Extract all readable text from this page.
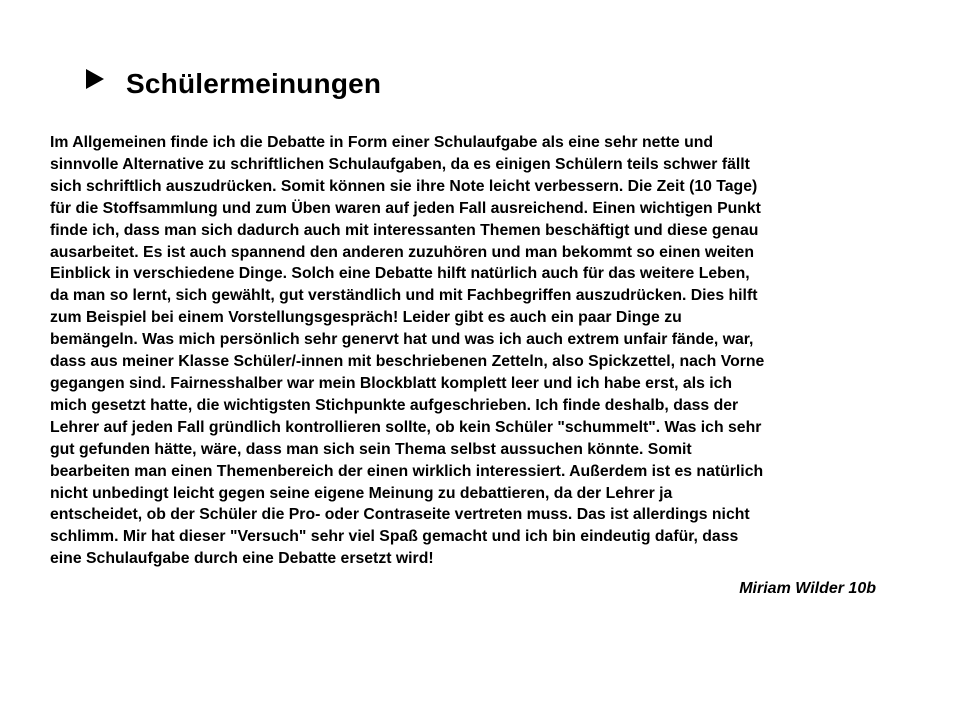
Schülermeinungen

Im Allgemeinen finde ich die Debatte in Form einer Schulaufgabe als eine sehr nette und
sinnvolle Alternative zu schriftlichen Schulaufgaben, da es einigen Schülern teils schwer fällt
sich schriftlich auszudrücken. Somit können sie ihre Note leicht verbessern. Die Zeit (10 Tage)
für die Stoffsammlung und zum Üben waren auf jeden Fall ausreichend. Einen wichtigen Punkt
finde ich, dass man sich dadurch auch mit interessanten Themen beschäftigt und diese genau
ausarbeitet. Es ist auch spannend den anderen zuzuhören und man bekommt so einen weiten
Einblick in verschiedene Dinge. Solch eine Debatte hilft natürlich auch für das weitere Leben,
da man so lernt, sich gewählt, gut verständlich und mit Fachbegriffen auszudrücken. Dies hilft
zum Beispiel bei einem Vorstellungsgespräch! Leider gibt es auch ein paar Dinge zu
bemängeln. Was mich persönlich sehr genervt hat und was ich auch extrem unfair fände, war,
dass aus meiner Klasse Schüler/-innen mit beschriebenen Zetteln, also Spickzettel, nach Vorne
gegangen sind. Fairnesshalber war mein Blockblatt komplett leer und ich habe erst, als ich
mich gesetzt hatte, die wichtigsten Stichpunkte aufgeschrieben. Ich finde deshalb, dass der
Lehrer auf jeden Fall gründlich kontrollieren sollte, ob kein Schüler "schummelt". Was ich sehr
gut gefunden hätte, wäre, dass man sich sein Thema selbst aussuchen könnte. Somit
bearbeiten man einen Themenbereich der einen wirklich interessiert. Außerdem ist es natürlich
nicht unbedingt leicht gegen seine eigene Meinung zu debattieren, da der Lehrer ja
entscheidet, ob der Schüler die Pro- oder Contraseite vertreten muss. Das ist allerdings nicht
schlimm. Mir hat dieser "Versuch" sehr viel Spaß gemacht und ich bin eindeutig dafür, dass
eine Schulaufgabe durch eine Debatte ersetzt wird!

Miriam Wilder 10b
